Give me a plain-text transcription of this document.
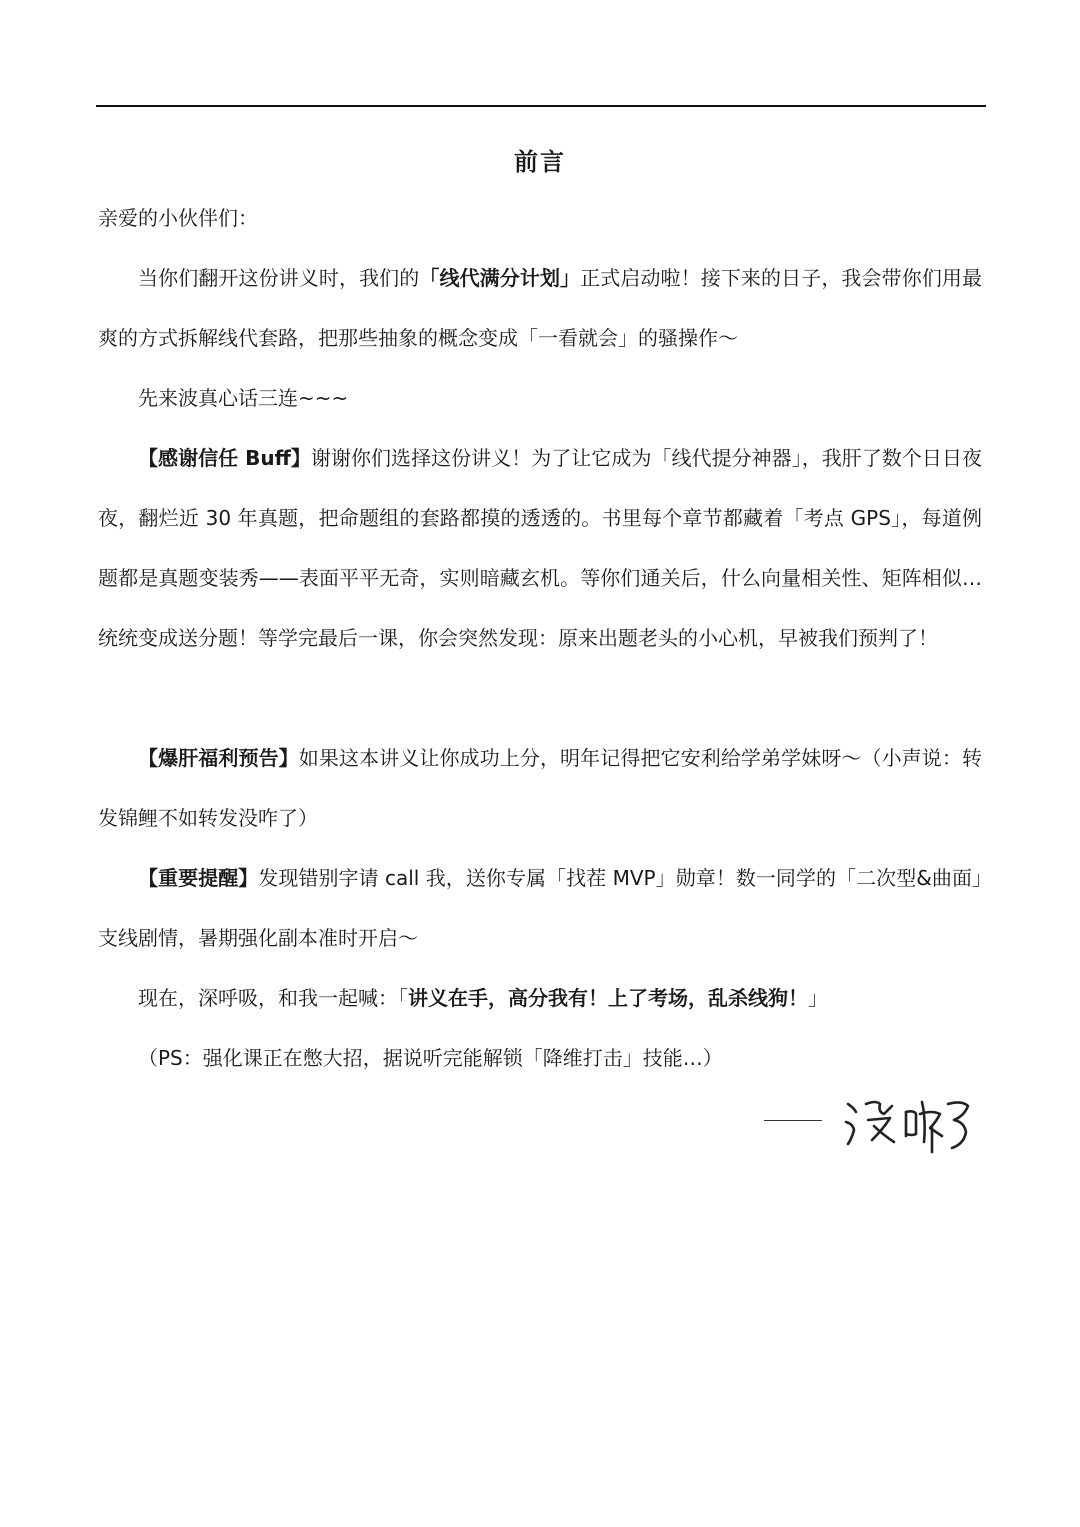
前言
亲爱的小伙伴们：
当你们翻开这份讲义时，我们的「线代满分计划」正式启动啦！接下来的日子，我会带你们用最爽的方式拆解线代套路，把那些抽象的概念变成「一看就会」的骚操作～
先来波真心话三连~~~
【感谢信任 Buff】谢谢你们选择这份讲义！为了让它成为「线代提分神器」，我肝了数个日日夜夜，翻烂近 30 年真题，把命题组的套路都摸的透透的。书里每个章节都藏着「考点 GPS」，每道例题都是真题变装秀——表面平平无奇，实则暗藏玄机。等你们通关后，什么向量相关性、矩阵相似…统统变成送分题！等学完最后一课，你会突然发现：原来出题老头的小心机，早被我们预判了！
【爆肝福利预告】如果这本讲义让你成功上分，明年记得把它安利给学弟学妹呀～（小声说：转发锦鲤不如转发没咋了）
【重要提醒】发现错别字请 call 我，送你专属「找茬 MVP」勋章！数一同学的「二次型&曲面」支线剧情，暑期强化副本准时开启～
现在，深呼吸，和我一起喊：「讲义在手，高分我有！上了考场，乱杀线狗！」
（PS：强化课正在憋大招，据说听完能解锁「降维打击」技能…）
